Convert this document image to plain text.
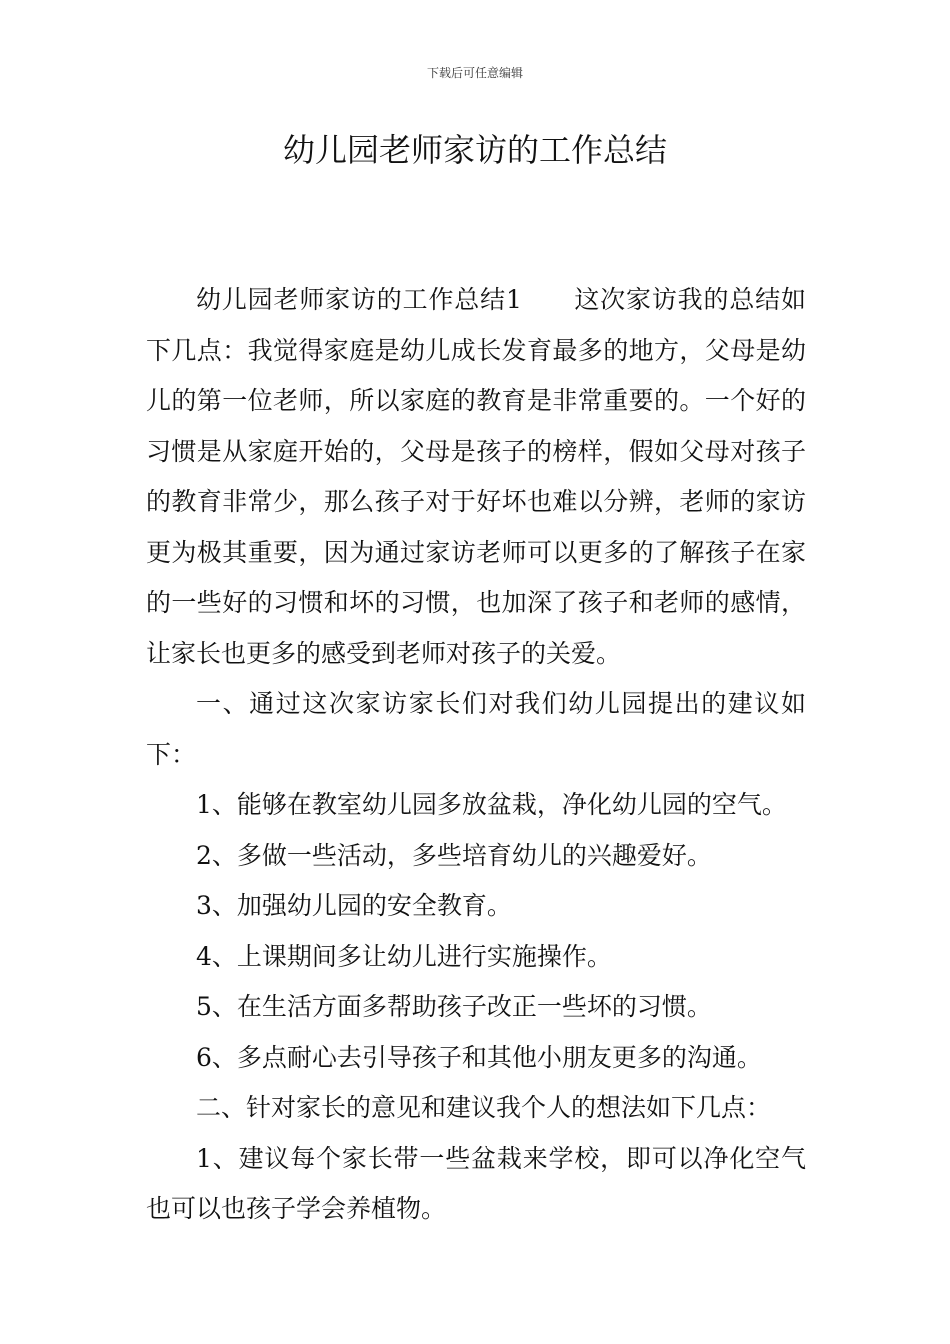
下载后可任意编辑
幼儿园老师家访的工作总结

幼儿园老师家访的工作总结1　　这次家访我的总结如下几点：我觉得家庭是幼儿成长发育最多的地方，父母是幼儿的第一位老师，所以家庭的教育是非常重要的。一个好的习惯是从家庭开始的，父母是孩子的榜样，假如父母对孩子的教育非常少，那么孩子对于好坏也难以分辨，老师的家访更为极其重要，因为通过家访老师可以更多的了解孩子在家的一些好的习惯和坏的习惯，也加深了孩子和老师的感情，让家长也更多的感受到老师对孩子的关爱。

一、通过这次家访家长们对我们幼儿园提出的建议如下：

1、能够在教室幼儿园多放盆栽，净化幼儿园的空气。

2、多做一些活动，多些培育幼儿的兴趣爱好。

3、加强幼儿园的安全教育。

4、上课期间多让幼儿进行实施操作。

5、在生活方面多帮助孩子改正一些坏的习惯。

6、多点耐心去引导孩子和其他小朋友更多的沟通。

二、针对家长的意见和建议我个人的想法如下几点：

1、建议每个家长带一些盆栽来学校，即可以净化空气也可以也孩子学会养植物。
